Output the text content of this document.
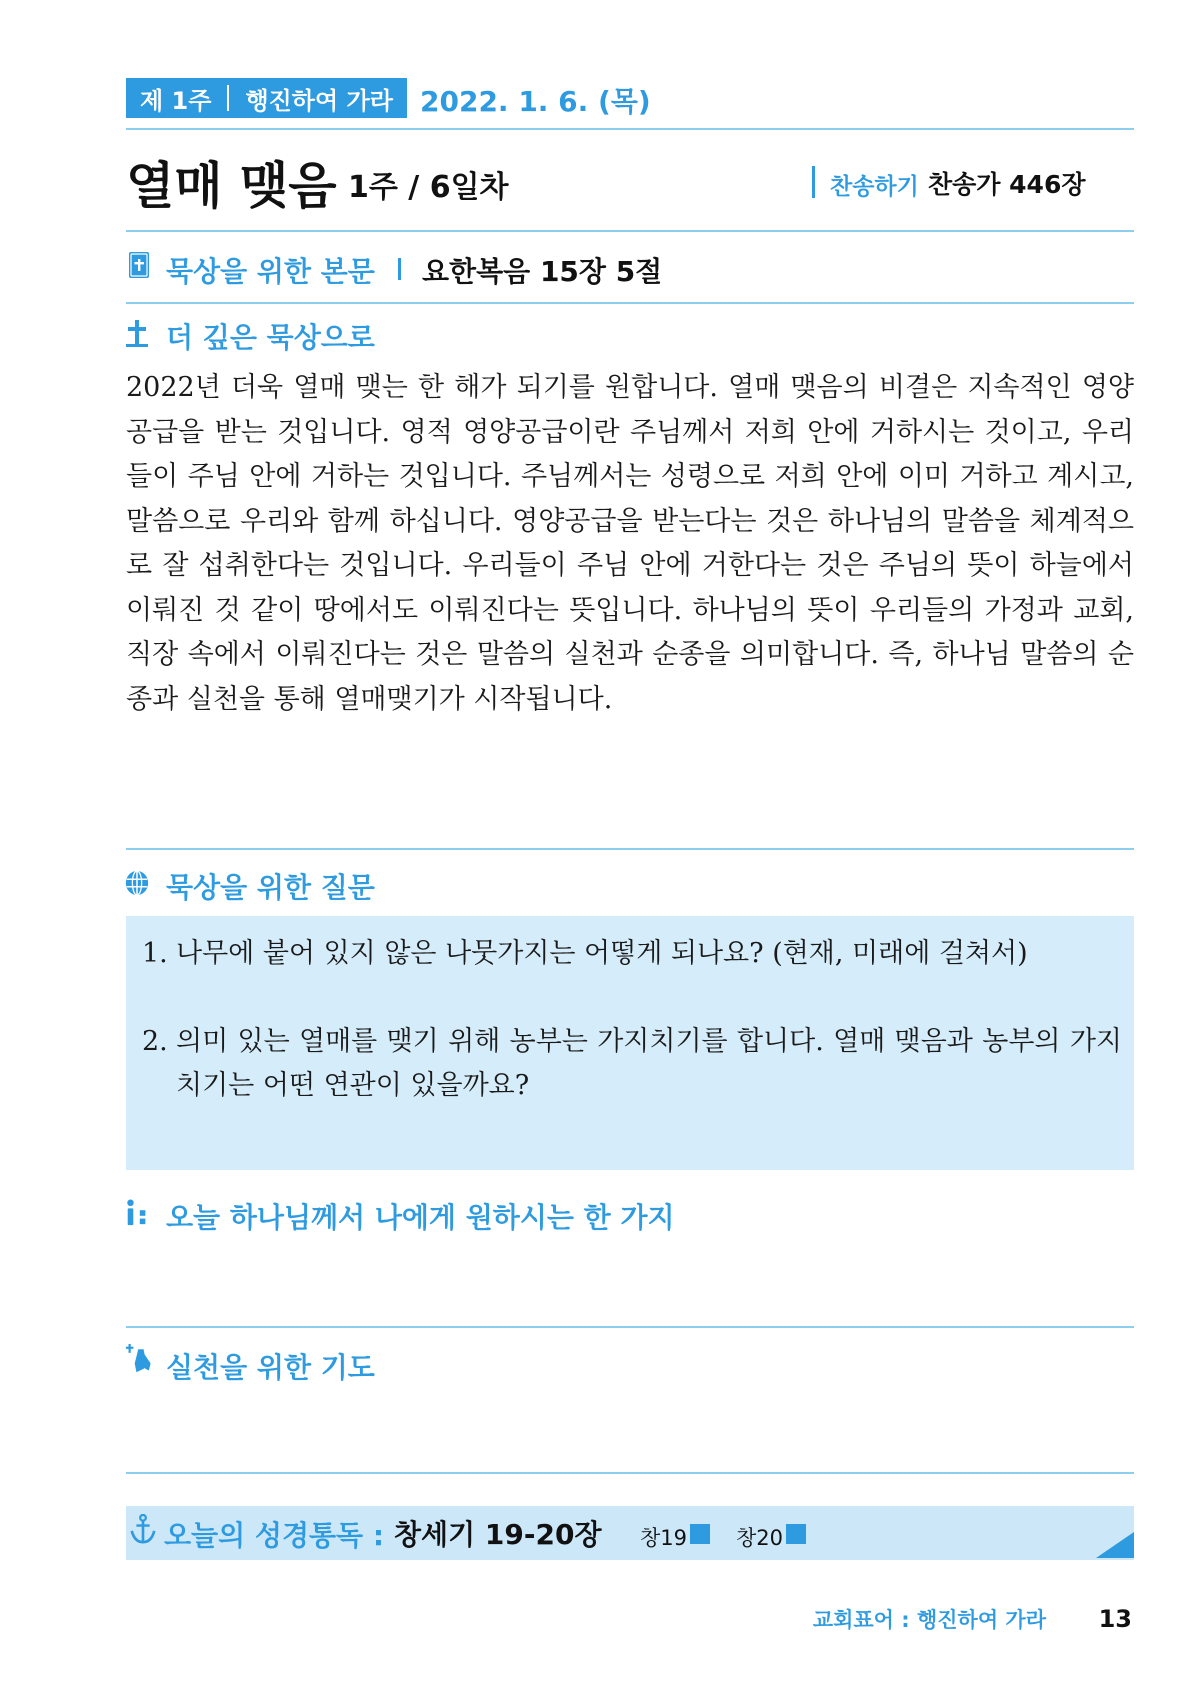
제 1주	행진하여 가라 2022. 1. 6. (목)
열매 맺음 1주 / 6일차	찬송하기 찬송가 446장
묵상을 위한 본문 요한복음 15장 5절
더 깊은 묵상으로

2022년 더욱 열매 맺는 한 해가 되기를 원합니다. 열매 맺음의 비결은 지속적인 영양공급을 받는 것입니다. 영적 영양공급이란 주님께서 저희 안에 거하시는 것이고, 우리들이 주님 안에 거하는 것입니다. 주님께서는 성령으로 저희 안에 이미 거하고 계시고, 말씀으로 우리와 함께 하십니다. 영양공급을 받는다는 것은 하나님의 말씀을 체계적으로 잘 섭취한다는 것입니다. 우리들이 주님 안에 거한다는 것은 주님의 뜻이 하늘에서 이뤄진 것 같이 땅에서도 이뤄진다는 뜻입니다. 하나님의 뜻이 우리들의 가정과 교회, 직장 속에서 이뤄진다는 것은 말씀의 실천과 순종을 의미합니다. 즉, 하나님 말씀의 순종과 실천을 통해 열매맺기가 시작됩니다.

묵상을 위한 질문
1. 나무에 붙어 있지 않은 나뭇가지는 어떻게 되나요? (현재, 미래에 걸쳐서)
2. 의미 있는 열매를 맺기 위해 농부는 가지치기를 합니다. 열매 맺음과 농부의 가지치기는 어떤 연관이 있을까요?
오늘 하나님께서 나에게 원하시는 한 가지
실천을 위한 기도
오늘의 성경통독 : 창세기 19-20장 창19 창20
교회표어 : 행진하여 가라 13
